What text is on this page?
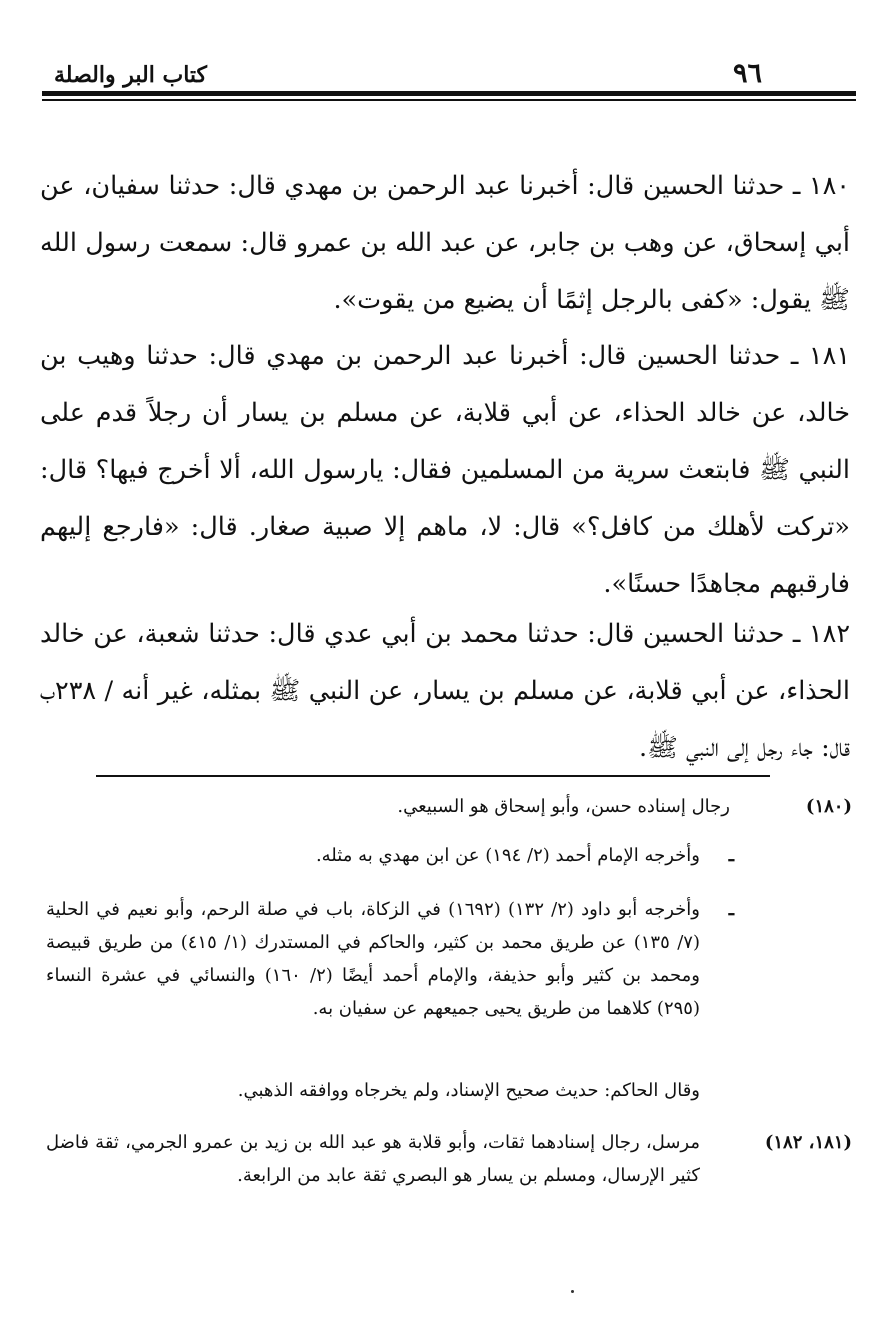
٩٦
كتاب البر والصلة
١٨٠ ـ حدثنا الحسين قال: أخبرنا عبد الرحمن بن مهدي قال: حدثنا سفيان، عن أبي إسحاق، عن وهب بن جابر، عن عبد الله بن عمرو قال: سمعت رسول الله ﷺ يقول: «كفى بالرجل إثمًا أن يضيع من يقوت».
١٨١ ـ حدثنا الحسين قال: أخبرنا عبد الرحمن بن مهدي قال: حدثنا وهيب بن خالد، عن خالد الحذاء، عن أبي قلابة، عن مسلم بن يسار أن رجلاً قدم على النبي ﷺ فابتعث سرية من المسلمين فقال: يارسول الله، ألا أخرج فيها؟ قال: «تركت لأهلك من كافل؟» قال: لا، ماهم إلا صبية صغار. قال: «فارجع إليهم فارقبهم مجاهدًا حسنًا».
١٨٢ ـ حدثنا الحسين قال: حدثنا محمد بن أبي عدي قال: حدثنا شعبة، عن خالد الحذاء، عن أبي قلابة، عن مسلم بن يسار، عن النبي ﷺ بمثله، غير أنه / ٢٣٨ب قال: جاء رجل إلى النبي ﷺ.
(١٨٠)
رجال إسناده حسن، وأبو إسحاق هو السبيعي.
ـ
وأخرجه الإمام أحمد (٢/ ١٩٤) عن ابن مهدي به مثله.
ـ
وأخرجه أبو داود (٢/ ١٣٢) (١٦٩٢) في الزكاة، باب في صلة الرحم، وأبو نعيم في الحلية (٧/ ١٣٥) عن طريق محمد بن كثير، والحاكم في المستدرك (١/ ٤١٥) من طريق قبيصة ومحمد بن كثير وأبو حذيفة، والإمام أحمد أيضًا (٢/ ١٦٠) والنسائي في عشرة النساء (٢٩٥) كلاهما من طريق يحيى جميعهم عن سفيان به.
وقال الحاكم: حديث صحيح الإسناد، ولم يخرجاه ووافقه الذهبي.
(١٨١، ١٨٢)
مرسل، رجال إسنادهما ثقات، وأبو قلابة هو عبد الله بن زيد بن عمرو الجرمي، ثقة فاضل كثير الإرسال، ومسلم بن يسار هو البصري ثقة عابد من الرابعة.
